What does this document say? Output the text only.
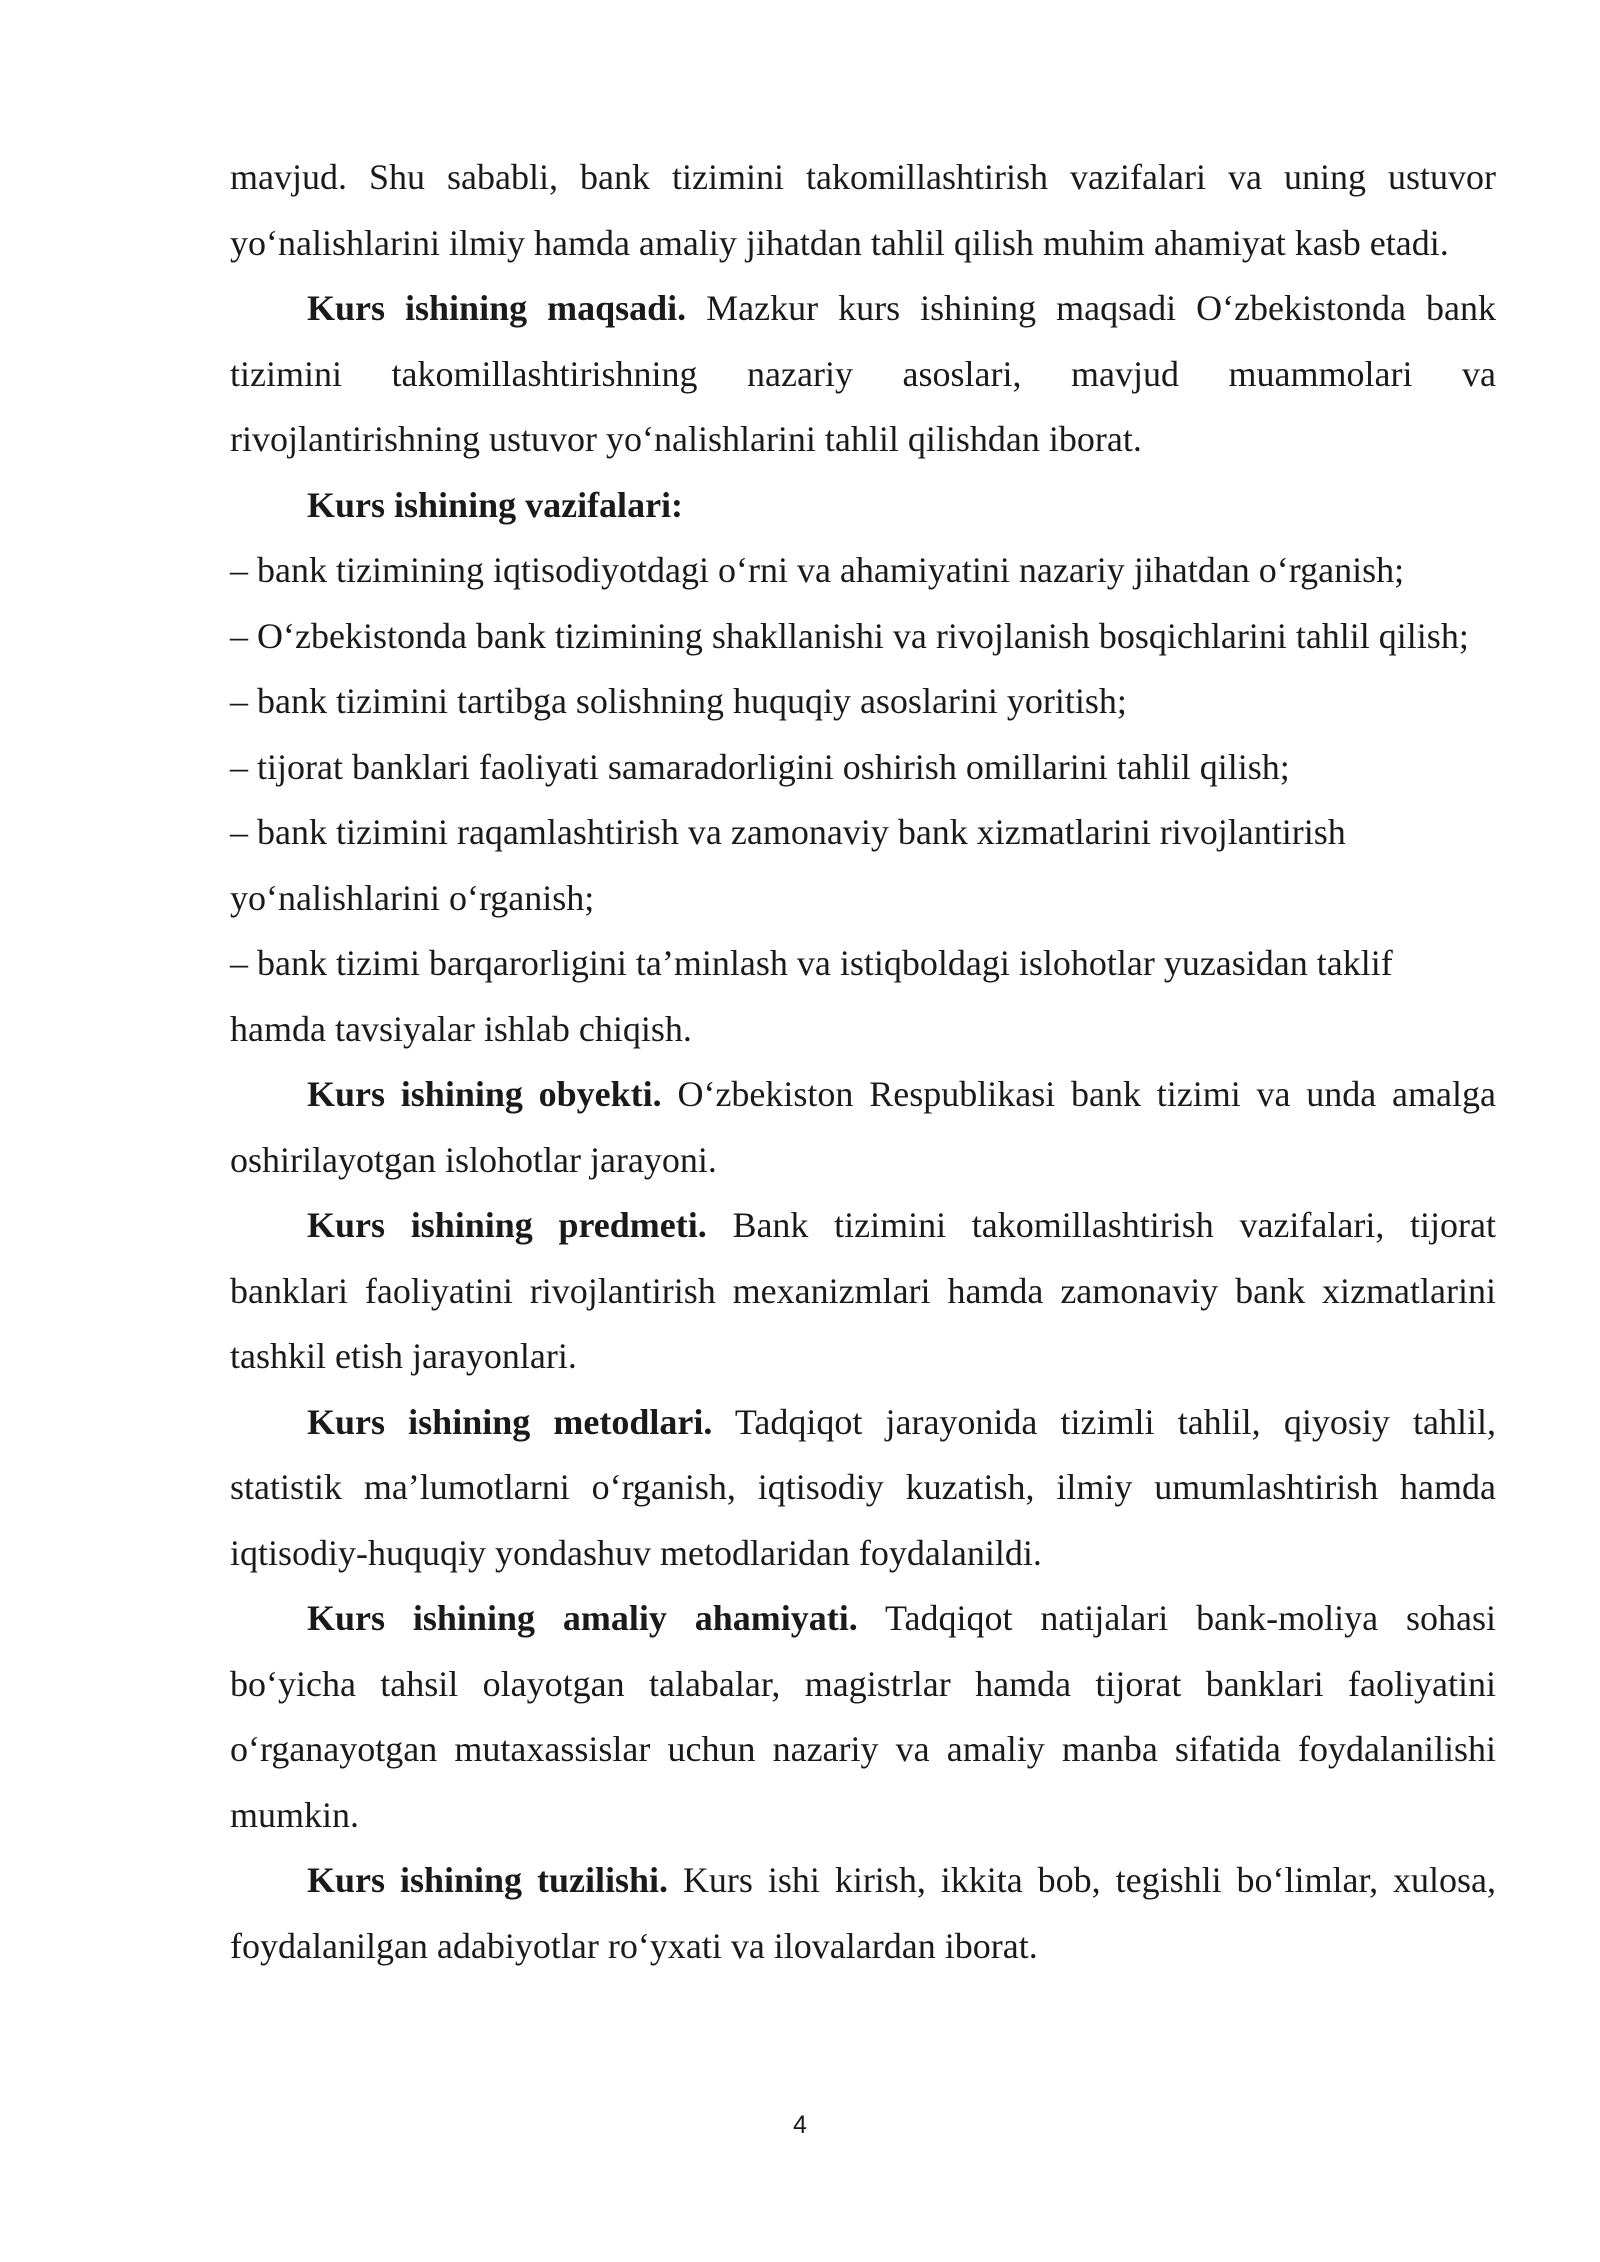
mavjud. Shu sababli, bank tizimini takomillashtirish vazifalari va uning ustuvor yo‘nalishlarini ilmiy hamda amaliy jihatdan tahlil qilish muhim ahamiyat kasb etadi.

Kurs ishining maqsadi. Mazkur kurs ishining maqsadi O‘zbekistonda bank tizimini takomillashtirishning nazariy asoslari, mavjud muammolari va rivojlantirishning ustuvor yo‘nalishlarini tahlil qilishdan iborat.

Kurs ishining vazifalari:

– bank tizimining iqtisodiyotdagi o‘rni va ahamiyatini nazariy jihatdan o‘rganish;

– O‘zbekistonda bank tizimining shakllanishi va rivojlanish bosqichlarini tahlil qilish;

– bank tizimini tartibga solishning huquqiy asoslarini yoritish;

– tijorat banklari faoliyati samaradorligini oshirish omillarini tahlil qilish;

– bank tizimini raqamlashtirish va zamonaviy bank xizmatlarini rivojlantirish yo‘nalishlarini o‘rganish;

– bank tizimi barqarorligini ta’minlash va istiqboldagi islohotlar yuzasidan taklif hamda tavsiyalar ishlab chiqish.

Kurs ishining obyekti. O‘zbekiston Respublikasi bank tizimi va unda amalga oshirilayotgan islohotlar jarayoni.

Kurs ishining predmeti. Bank tizimini takomillashtirish vazifalari, tijorat banklari faoliyatini rivojlantirish mexanizmlari hamda zamonaviy bank xizmatlarini tashkil etish jarayonlari.

Kurs ishining metodlari. Tadqiqot jarayonida tizimli tahlil, qiyosiy tahlil, statistik ma’lumotlarni o‘rganish, iqtisodiy kuzatish, ilmiy umumlashtirish hamda iqtisodiy-huquqiy yondashuv metodlaridan foydalanildi.

Kurs ishining amaliy ahamiyati. Tadqiqot natijalari bank-moliya sohasi bo‘yicha tahsil olayotgan talabalar, magistrlar hamda tijorat banklari faoliyatini o‘rganayotgan mutaxassislar uchun nazariy va amaliy manba sifatida foydalanilishi mumkin.

Kurs ishining tuzilishi. Kurs ishi kirish, ikkita bob, tegishli bo‘limlar, xulosa, foydalanilgan adabiyotlar ro‘yxati va ilovalardan iborat.

4
